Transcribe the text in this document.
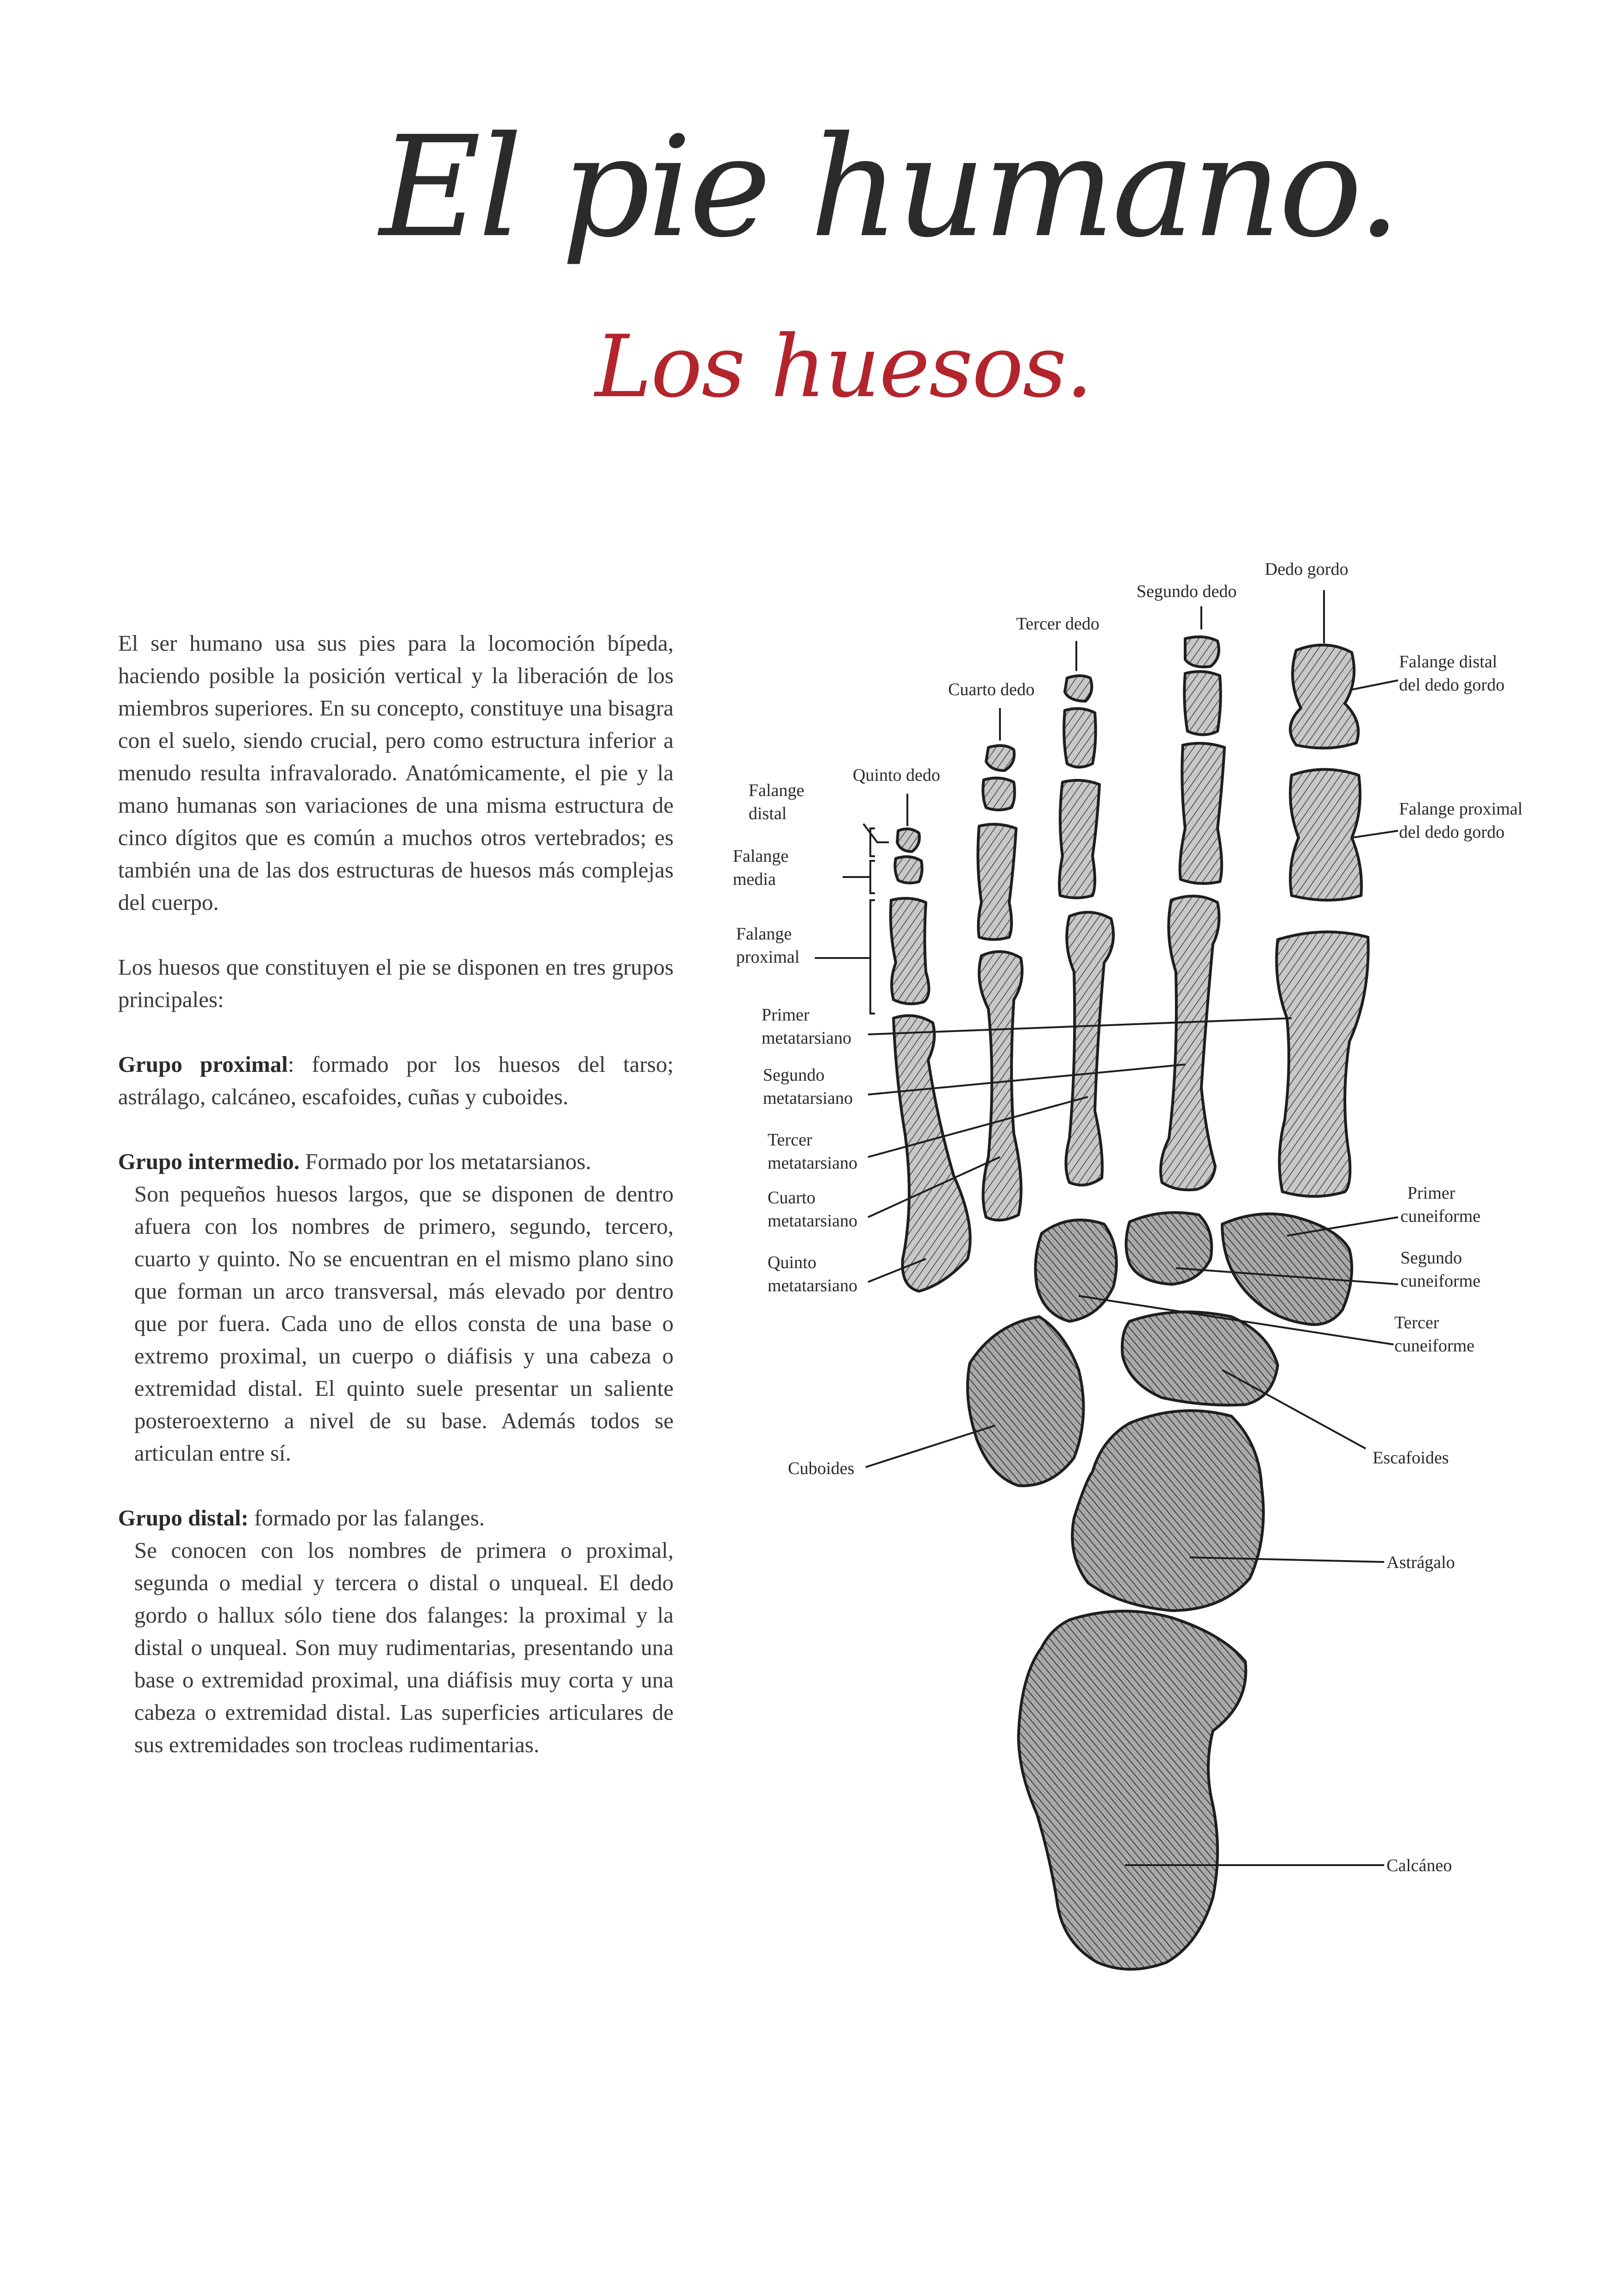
El pie humano.
Los huesos.

El ser humano usa sus pies para la locomoción bípeda, haciendo posible la posición vertical y la liberación de los miembros superiores. En su concepto, constituye una bisagra con el suelo, siendo crucial, pero como estructura inferior a menudo resulta infravalorado. Anatómicamente, el pie y la mano humanas son variaciones de una misma estructura de cinco dígitos que es común a muchos otros vertebrados; es también una de las dos estructuras de huesos más complejas del cuerpo.

Los huesos que constituyen el pie se disponen en tres grupos principales:

Grupo proximal: formado por los huesos del tarso; astrálago, calcáneo, escafoides, cuñas y cuboides.

Grupo intermedio. Formado por los metatarsianos.

Son pequeños huesos largos, que se disponen de dentro afuera con los nombres de primero, segundo, tercero, cuarto y quinto. No se encuentran en el mismo plano sino que forman un arco transversal, más elevado por dentro que por fuera. Cada uno de ellos consta de una base o extremo proximal, un cuerpo o diáfisis y una cabeza o extremidad distal. El quinto suele presentar un saliente posteroexterno a nivel de su base. Además todos se articulan entre sí.

Grupo distal: formado por las falanges.

Se conocen con los nombres de primera o proximal, segunda o medial y tercera o distal o unqueal. El dedo gordo o hallux sólo tiene dos falanges: la proximal y la distal o unqueal. Son muy rudimentarias, presentando una base o extremidad proximal, una diáfisis muy corta y una cabeza o extremidad distal. Las superficies articulares de sus extremidades son trocleas rudimentarias.

Dedo gordo
Segundo dedo
Tercer dedo
Cuarto dedo
Quinto dedo
Falange
distal
Falange
media
Falange
proximal
Falange distal
del dedo gordo
Falange proximal
del dedo gordo
Primer
metatarsiano
Segundo
metatarsiano
Tercer
metatarsiano
Cuarto
metatarsiano
Quinto
metatarsiano
Primer
cuneiforme
Segundo
cuneiforme
Tercer
cuneiforme
Cuboides
Escafoides
Astrágalo
Calcáneo
